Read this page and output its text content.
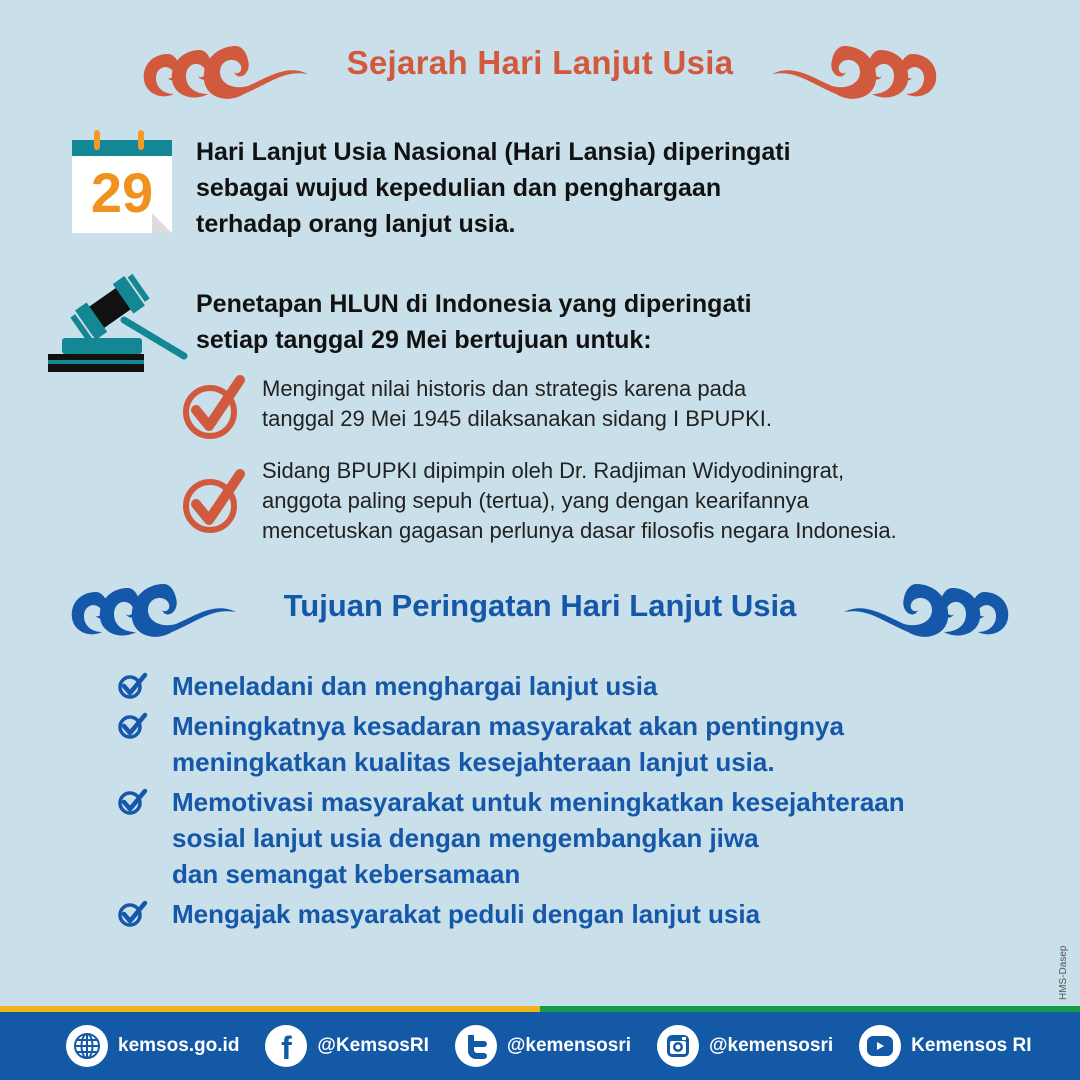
Sejarah Hari Lanjut Usia
29
Hari Lanjut Usia Nasional (Hari Lansia) diperingati
sebagai wujud kepedulian dan penghargaan
terhadap orang lanjut usia.
Penetapan HLUN di Indonesia yang diperingati
setiap tanggal 29 Mei bertujuan untuk:
Mengingat nilai historis dan strategis karena pada
tanggal 29 Mei 1945 dilaksanakan sidang I BPUPKI.
Sidang BPUPKI dipimpin oleh Dr. Radjiman Widyodiningrat,
anggota paling sepuh (tertua), yang dengan kearifannya
mencetuskan gagasan perlunya dasar filosofis negara Indonesia.
Tujuan Peringatan Hari Lanjut Usia
Meneladani dan menghargai lanjut usia
Meningkatnya kesadaran masyarakat akan pentingnya
meningkatkan kualitas kesejahteraan lanjut usia.
Memotivasi masyarakat untuk meningkatkan kesejahteraan
sosial lanjut usia dengan mengembangkan jiwa
dan semangat kebersamaan
Mengajak masyarakat peduli dengan lanjut usia
HMS-Dasep
kemsos.go.id f @KemsosRI	@kemensosri	@kemensosri	Kemensos RI
